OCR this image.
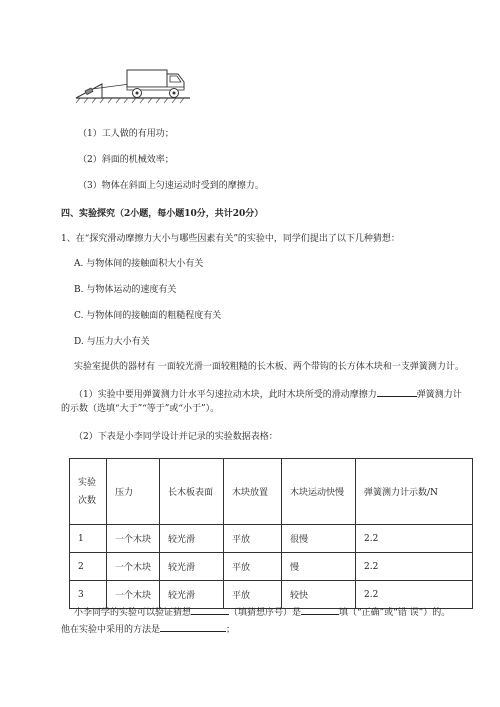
（1）工人做的有用功；
（2）斜面的机械效率；
（3）物体在斜面上匀速运动时受到的摩擦力。
四、实验探究（2小题，每小题10分，共计20分）
1、在“探究滑动摩擦力大小与哪些因素有关”的实验中，同学们提出了以下几种猜想：
A. 与物体间的接触面积大小有关
B. 与物体运动的速度有关
C. 与物体间的接触面的粗糙程度有关
D. 与压力大小有关
实验室提供的器材有 一面较光滑一面较粗糙的长木板、两个带钩的长方体木块和一支弹簧测力计。
（1）实验中要用弹簧测力计水平匀速拉动木块，此时木块所受的滑动摩擦力	弹簧测力计
的示数（选填“大于”“等于”或“小于”）。
（2）下表是小李同学设计并记录的实验数据表格：
实验
次数	压力	长木板表面	木块放置	木块运动快慢	弹簧测力计示数/N
1	一个木块	较光滑	平放	很慢	2.2
2	一个木块	较光滑	平放	慢	2.2
3	一个木块	较光滑	平放	较快	2.2
小李同学的实验可以验证猜想	（填猜想序号）是	填（“正确”或“错 误”）的。
他在实验中采用的方法是	；
